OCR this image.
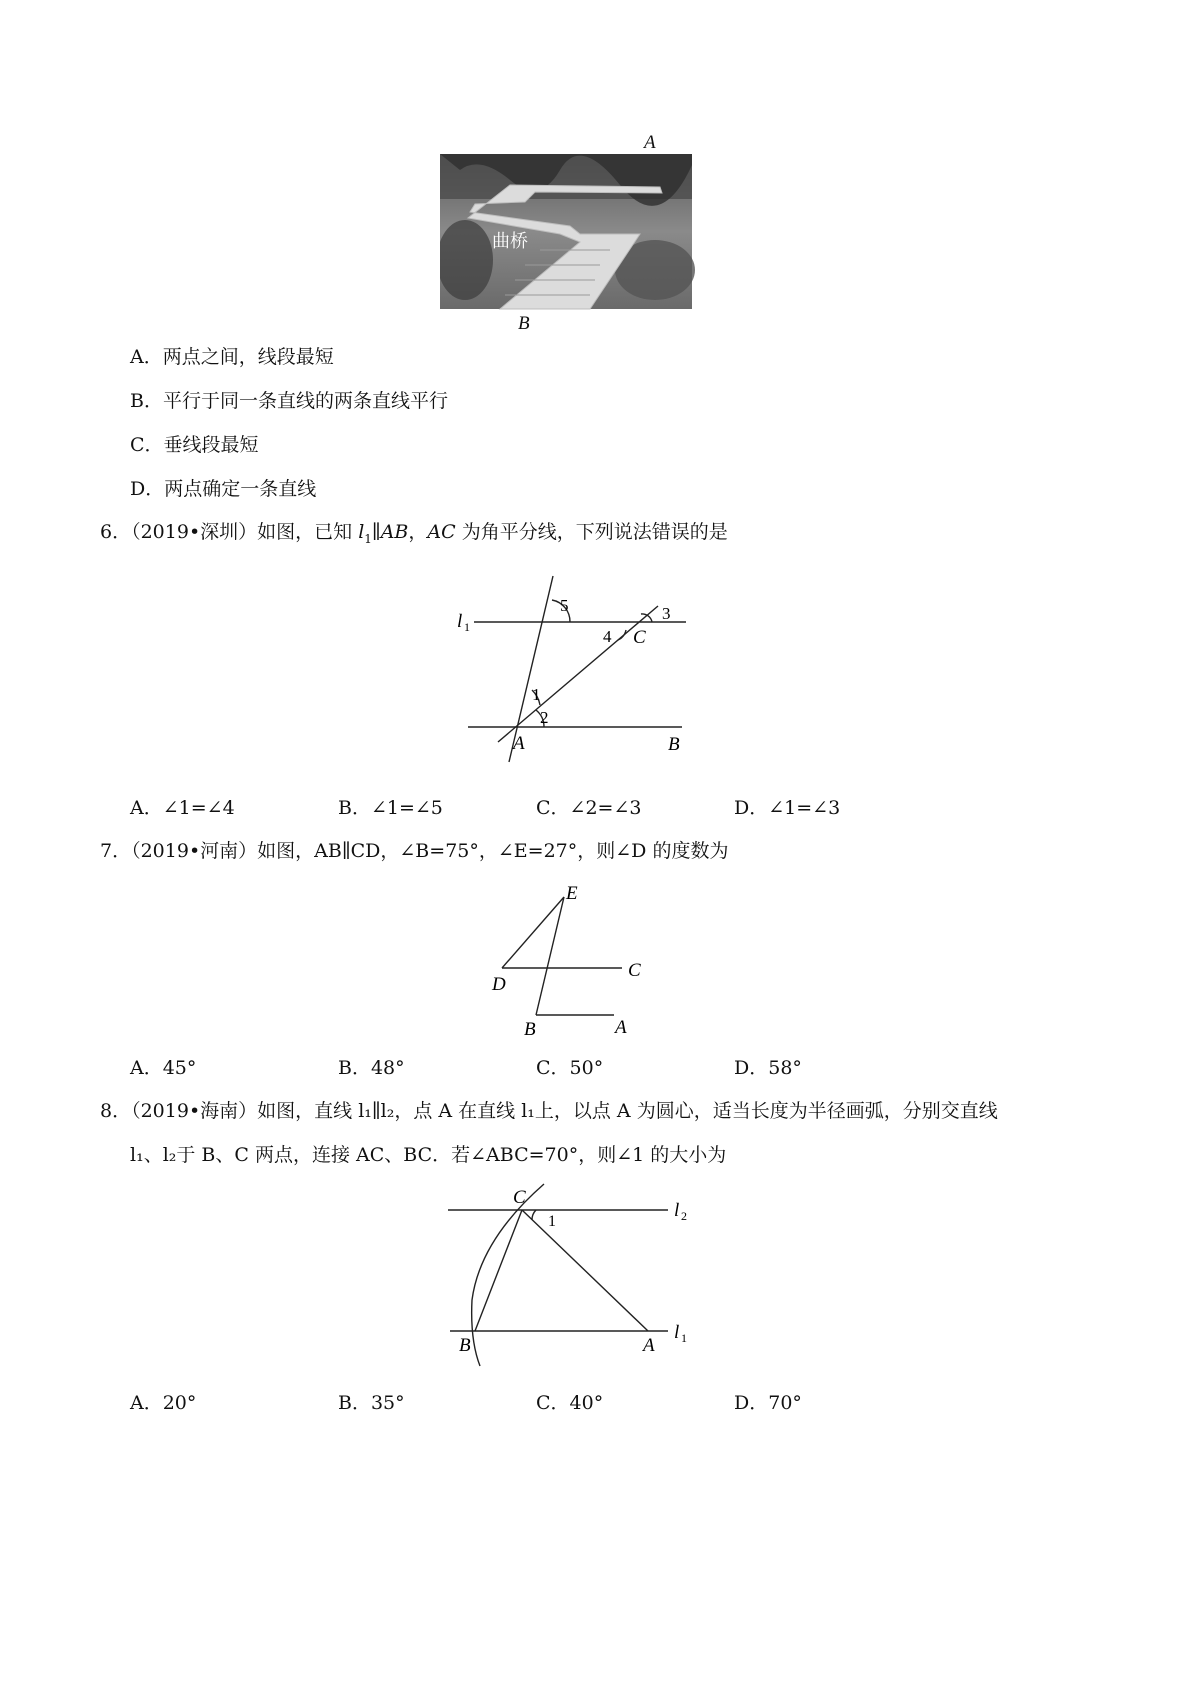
曲桥
A
B
A．两点之间，线段最短
B．平行于同一条直线的两条直线平行
C．垂线段最短
D．两点确定一条直线
6．（2019•深圳）如图，已知 $l_1\parallel AB$，AC 为角平分线，下列说法错误的是
l 1
1
2
3
4
5
A	B
C
A．∠1=∠4	B．∠1=∠5	C．∠2=∠3	D．∠1=∠3
7．（2019•河南）如图，AB∥CD，∠B=75°，∠E=27°，则∠D 的度数为
E
D
C
B	A
A．45°	B．48°	C．50°	D．58°
8．（2019•海南）如图，直线 l₁∥l₂，点 A 在直线 l₁上，以点 A 为圆心，适当长度为半径画弧，分别交直线
l₁、l₂于 B、C 两点，连接 AC、BC．若∠ABC=70°，则∠1 的大小为
C
B	A
1
l 2
l 1
A．20°	B．35°	C．40°	D．70°
